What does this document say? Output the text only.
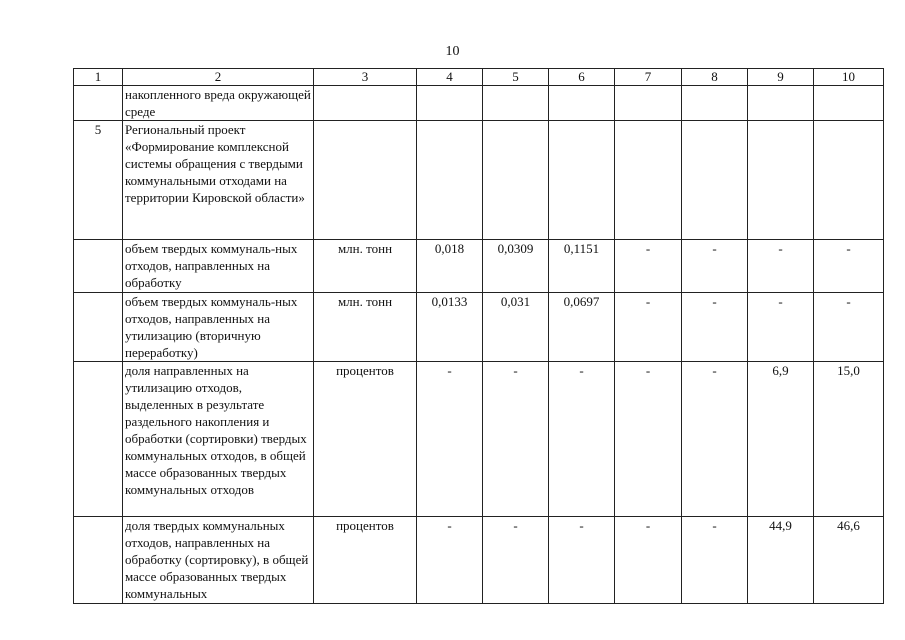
10
1	2	3	4	5	6	7	8	9	10
	накопленного вреда окружающей среде								
5	Региональный проект «Формирование комплексной системы обращения с твердыми коммунальными отходами на территории Кировской области»								
	объем твердых коммуналь-ных отходов, направленных на обработку	млн. тонн	0,018	0,0309	0,1151	-	-	-	-
	объем твердых коммуналь-ных отходов, направленных на утилизацию (вторичную переработку)	млн. тонн	0,0133	0,031	0,0697	-	-	-	-
	доля направленных на утилизацию отходов, выделенных в результате раздельного накопления и обработки (сортировки) твердых коммунальных отходов, в общей массе образованных твердых коммунальных отходов	процентов	-	-	-	-	-	6,9	15,0
	доля твердых коммунальных отходов, направленных на обработку (сортировку), в общей массе образованных твердых коммунальных	процентов	-	-	-	-	-	44,9	46,6
